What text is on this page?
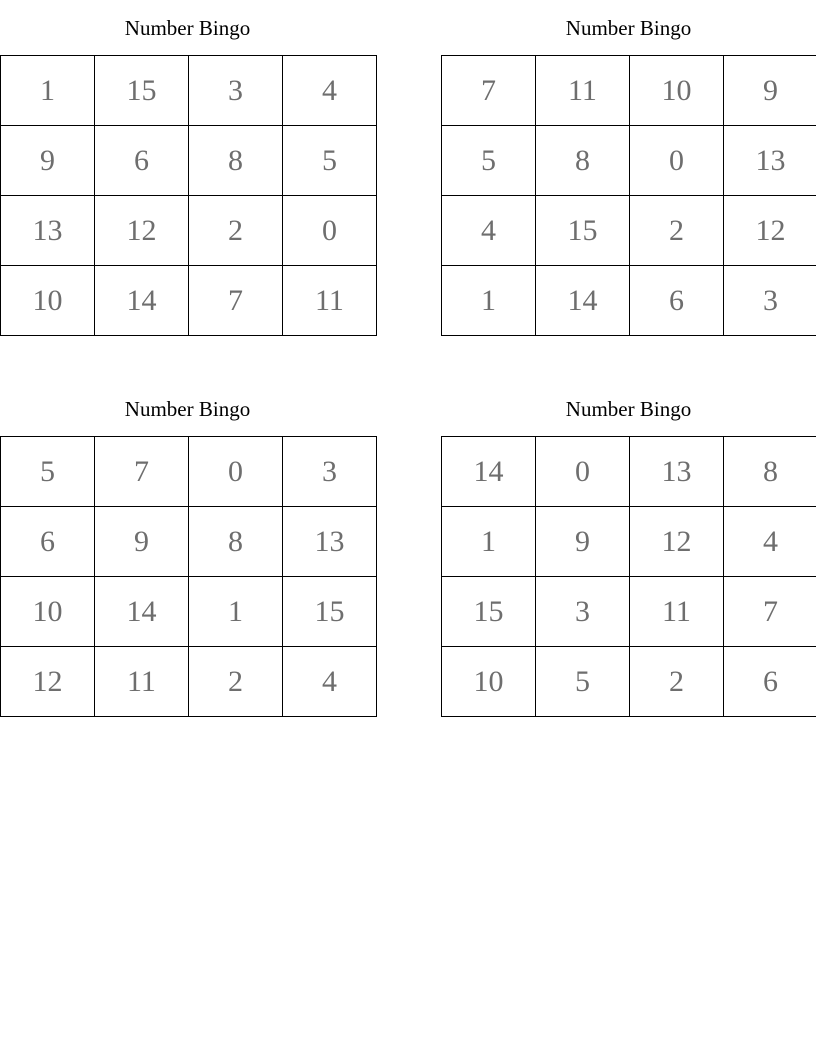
Number Bingo
1	15	3	4
9	6	8	5
13	12	2	0
10	14	7	11
Number Bingo
7	11	10	9
5	8	0	13
4	15	2	12
1	14	6	3
Number Bingo
5	7	0	3
6	9	8	13
10	14	1	15
12	11	2	4
Number Bingo
14	0	13	8
1	9	12	4
15	3	11	7
10	5	2	6
